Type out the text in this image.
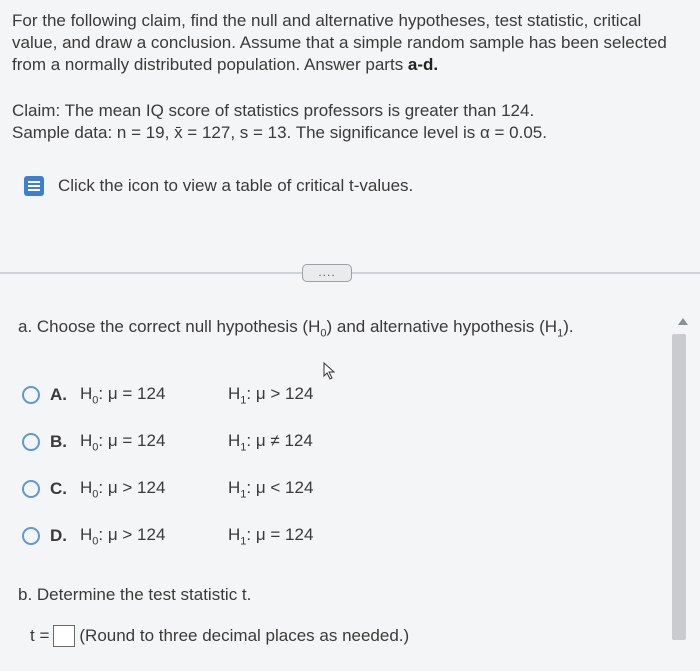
For the following claim, find the null and alternative hypotheses, test statistic, critical value, and draw a conclusion. Assume that a simple random sample has been selected from a normally distributed population. Answer parts a-d.
Claim: The mean IQ score of statistics professors is greater than 124.
Sample data: n = 19, x̄ = 127, s = 13. The significance level is α = 0.05.
Click the icon to view a table of critical t-values.
....
a. Choose the correct null hypothesis $(H_0)$ and alternative hypothesis $(H_1)$.
A. $H_0$: μ = 124	$H_1$: μ > 124
B. $H_0$: μ = 124	$H_1$: μ ≠ 124
C. $H_0$: μ > 124	$H_1$: μ < 124
D. $H_0$: μ > 124	$H_1$: μ = 124
b. Determine the test statistic t.
t = (Round to three decimal places as needed.)
